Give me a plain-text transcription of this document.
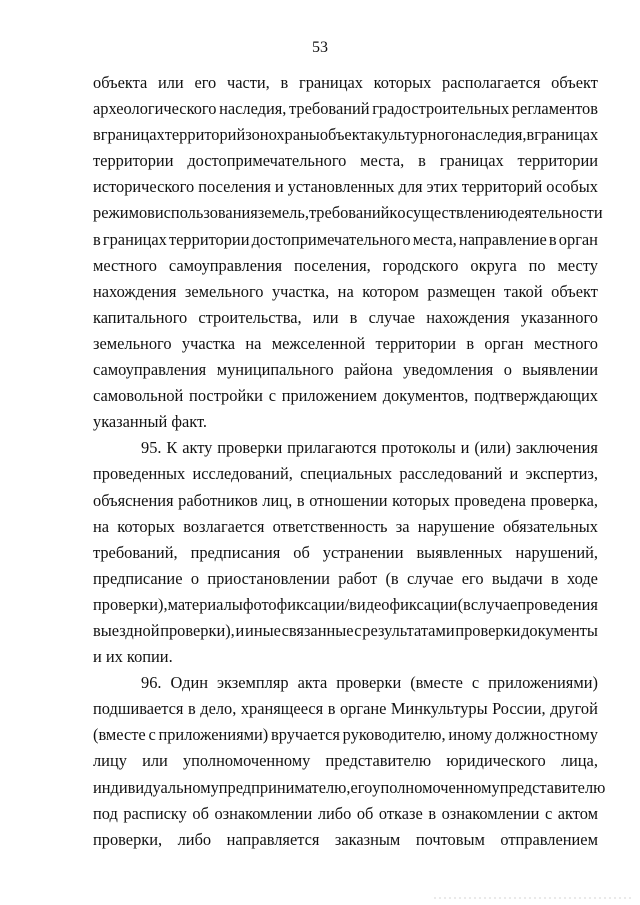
53
объекта или его части, в границах которых располагается объект
археологического наследия, требований градостроительных регламентов
в границах территорий зон охраны объекта культурного наследия, в границах
территории достопримечательного места, в границах территории
исторического поселения и установленных для этих территорий особых
режимов использования земель, требований к осуществлению деятельности
в границах территории достопримечательного места, направление в орган
местного самоуправления поселения, городского округа по месту
нахождения земельного участка, на котором размещен такой объект
капитального строительства, или в случае нахождения указанного
земельного участка на межселенной территории в орган местного
самоуправления муниципального района уведомления о выявлении
самовольной постройки с приложением документов, подтверждающих
указанный факт.
95. К акту проверки прилагаются протоколы и (или) заключения
проведенных исследований, специальных расследований и экспертиз,
объяснения работников лиц, в отношении которых проведена проверка,
на которых возлагается ответственность за нарушение обязательных
требований, предписания об устранении выявленных нарушений,
предписание о приостановлении работ (в случае его выдачи в ходе
проверки), материалы фотофиксации/видеофиксации (в случае проведения
выездной проверки), и иные связанные с результатами проверки документы
и их копии.
96. Один экземпляр акта проверки (вместе с приложениями)
подшивается в дело, хранящееся в органе Минкультуры России, другой
(вместе с приложениями) вручается руководителю, иному должностному
лицу или уполномоченному представителю юридического лица,
индивидуальному предпринимателю, его уполномоченному представителю
под расписку об ознакомлении либо об отказе в ознакомлении с актом
проверки, либо направляется заказным почтовым отправлением
